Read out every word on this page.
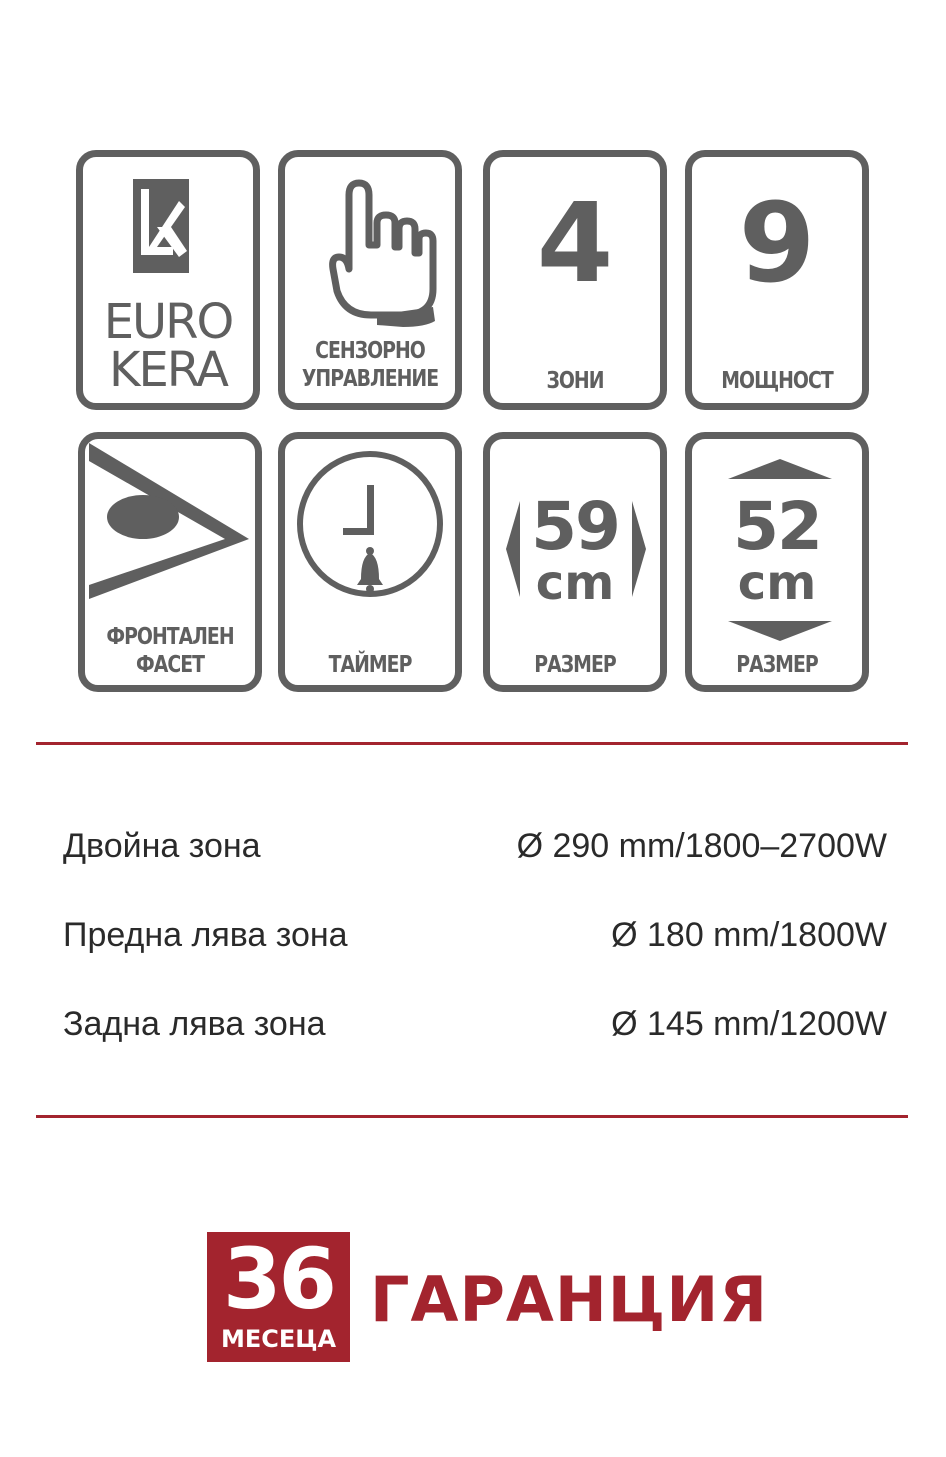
EURO
KERA	СЕНЗОРНО
УПРАВЛЕНИЕ
4
ЗОНИ
9
МОЩНОСТ
ФРОНТАЛЕН
ФАСЕТ	ТАЙМЕР
59
cm
РАЗМЕР
52
cm
РАЗМЕР
Двойна зона	Ø 290 mm/1800–2700W
Предна лява зона	Ø 180 mm/1800W
Задна лява зона	Ø 145 mm/1200W
36
МЕСЕЦА
ГАРАНЦИЯ
